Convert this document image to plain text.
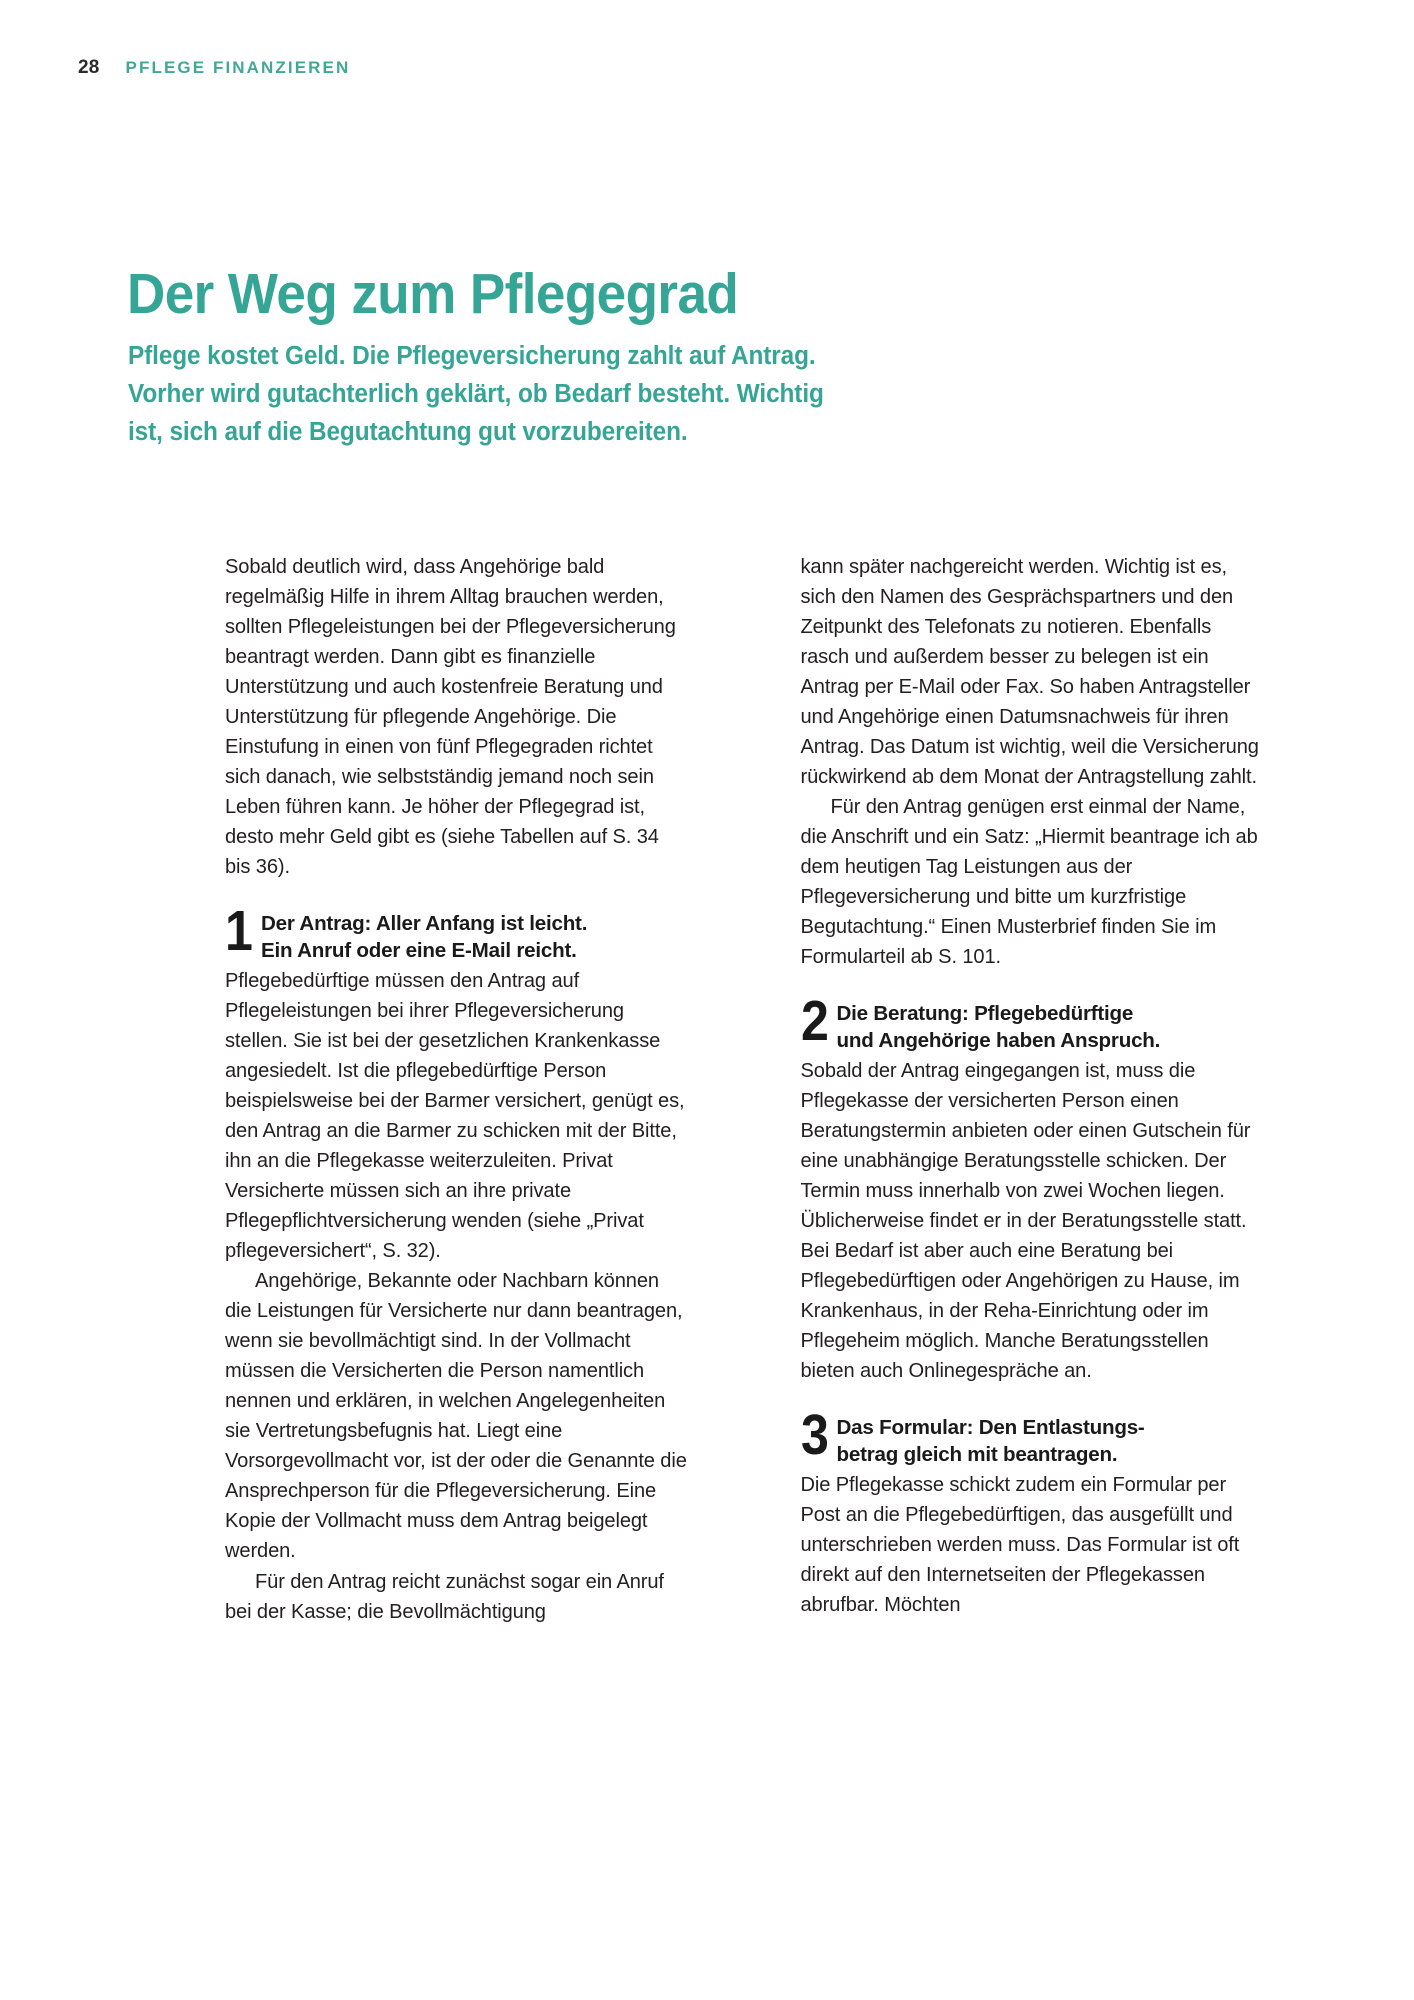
28 PFLEGE FINANZIEREN
Der Weg zum Pflegegrad

Pflege kostet Geld. Die Pflegeversicherung zahlt auf Antrag.

Vorher wird gutachterlich geklärt, ob Bedarf besteht. Wichtig

ist, sich auf die Begutachtung gut vorzubereiten.

Sobald deutlich wird, dass Angehörige bald regelmäßig Hilfe in ihrem Alltag brauchen werden, sollten Pflegeleistungen bei der Pflegeversicherung beantragt werden. Dann gibt es finanzielle Unterstützung und auch kostenfreie Beratung und Unterstützung für pflegende Angehörige. Die Einstufung in einen von fünf Pflegegraden richtet sich danach, wie selbstständig jemand noch sein Leben führen kann. Je höher der Pflegegrad ist, desto mehr Geld gibt es (siehe Tabellen auf S. 34 bis 36).

1 Der Antrag: Aller Anfang ist leicht.
Ein Anruf oder eine E-Mail reicht.

Pflegebedürftige müssen den Antrag auf Pflegeleistungen bei ihrer Pflegeversicherung stellen. Sie ist bei der gesetzlichen Krankenkasse angesiedelt. Ist die pflegebedürftige Person beispielsweise bei der Barmer versichert, genügt es, den Antrag an die Barmer zu schicken mit der Bitte, ihn an die Pflegekasse weiterzuleiten. Privat Versicherte müssen sich an ihre private Pflegepflichtversicherung wenden (siehe „Privat pflegeversichert“, S. 32).

Angehörige, Bekannte oder Nachbarn können die Leistungen für Versicherte nur dann beantragen, wenn sie bevollmächtigt sind. In der Vollmacht müssen die Versicherten die Person namentlich nennen und erklären, in welchen Angelegenheiten sie Vertretungsbefugnis hat. Liegt eine Vorsorgevollmacht vor, ist der oder die Genannte die Ansprechperson für die Pflegeversicherung. Eine Kopie der Vollmacht muss dem Antrag beigelegt werden.

Für den Antrag reicht zunächst sogar ein Anruf bei der Kasse; die Bevollmächtigung

kann später nachgereicht werden. Wichtig ist es, sich den Namen des Gesprächspartners und den Zeitpunkt des Telefonats zu notieren. Ebenfalls rasch und außerdem besser zu belegen ist ein Antrag per E-Mail oder Fax. So haben Antragsteller und Angehörige einen Datumsnachweis für ihren Antrag. Das Datum ist wichtig, weil die Versicherung rückwirkend ab dem Monat der Antragstellung zahlt.

Für den Antrag genügen erst einmal der Name, die Anschrift und ein Satz: „Hiermit beantrage ich ab dem heutigen Tag Leistungen aus der Pflegeversicherung und bitte um kurzfristige Begutachtung.“ Einen Musterbrief finden Sie im Formularteil ab S. 101.

2 Die Beratung: Pflegebedürftige
und Angehörige haben Anspruch.

Sobald der Antrag eingegangen ist, muss die Pflegekasse der versicherten Person einen Beratungstermin anbieten oder einen Gutschein für eine unabhängige Beratungsstelle schicken. Der Termin muss innerhalb von zwei Wochen liegen. Üblicherweise findet er in der Beratungsstelle statt. Bei Bedarf ist aber auch eine Beratung bei Pflegebedürftigen oder Angehörigen zu Hause, im Krankenhaus, in der Reha-Einrichtung oder im Pflegeheim möglich. Manche Beratungsstellen bieten auch Onlinegespräche an.

3 Das Formular: Den Entlastungs-
betrag gleich mit beantragen.

Die Pflegekasse schickt zudem ein Formular per Post an die Pflegebedürftigen, das ausgefüllt und unterschrieben werden muss. Das Formular ist oft direkt auf den Internetseiten der Pflegekassen abrufbar. Möchten
